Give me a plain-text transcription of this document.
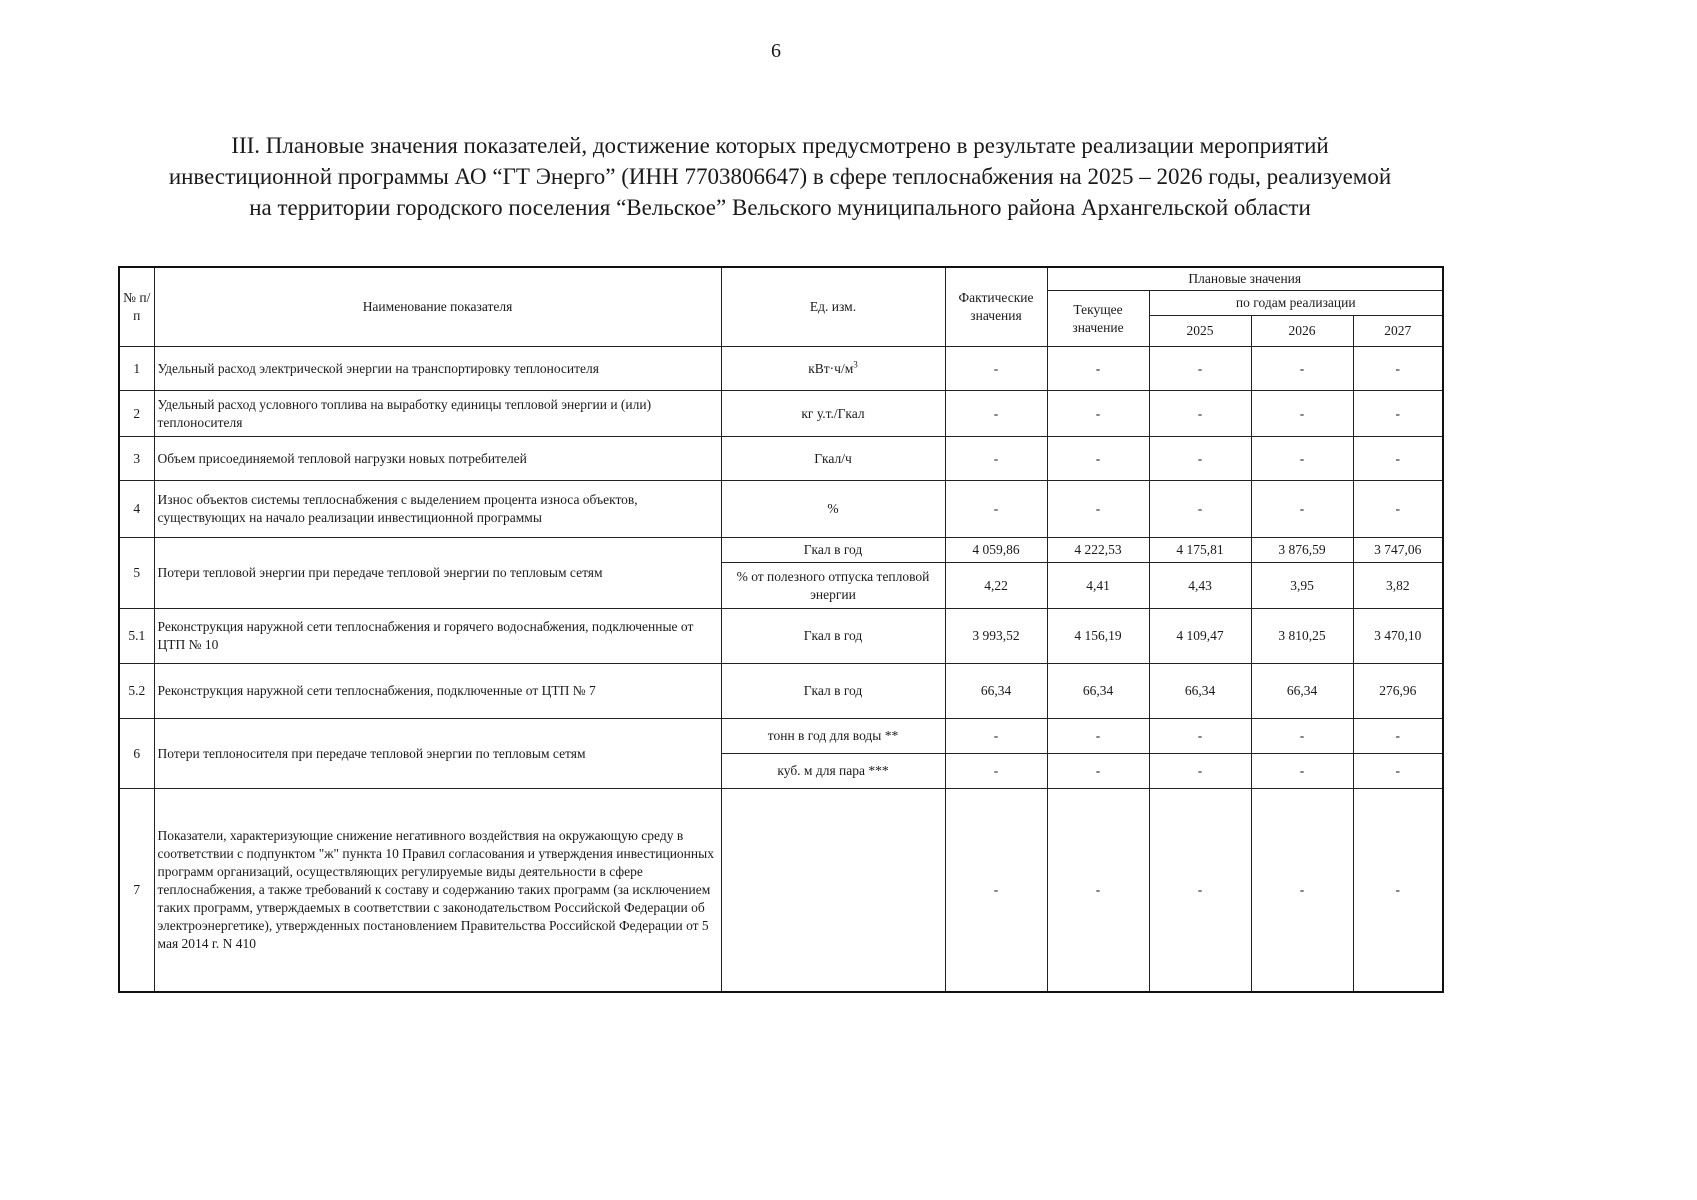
6
III. Плановые значения показателей, достижение которых предусмотрено в результате реализации мероприятий
инвестиционной программы АО “ГТ Энерго” (ИНН 7703806647) в сфере теплоснабжения на 2025 – 2026 годы, реализуемой
на территории городского поселения “Вельское” Вельского муниципального района Архангельской области
№ п/п	Наименование показателя	Ед. изм.	Фактические значения	Плановые значения			
				Текущее значение	по годам реализации		
					2025	2026	2027
1	Удельный расход электрической энергии на транспортировку теплоносителя	$кВт\cdot ч/м^3$	-	-	-	-	-
2	Удельный расход условного топлива на выработку единицы тепловой энергии и (или) теплоносителя	кг у.т./Гкал	-	-	-	-	-
3	Объем присоединяемой тепловой нагрузки новых потребителей	Гкал/ч	-	-	-	-	-
4	Износ объектов системы теплоснабжения с выделением процента износа объектов, существующих на начало реализации инвестиционной программы	%	-	-	-	-	-
5	Потери тепловой энергии при передаче тепловой энергии по тепловым сетям	Гкал в год	4 059,86	4 222,53	4 175,81	3 876,59	3 747,06
		% от полезного отпуска тепловой энергии	4,22	4,41	4,43	3,95	3,82
5.1	Реконструкция наружной сети теплоснабжения и горячего водоснабжения, подключенные от ЦТП № 10	Гкал в год	3 993,52	4 156,19	4 109,47	3 810,25	3 470,10
5.2	Реконструкция наружной сети теплоснабжения, подключенные от ЦТП № 7	Гкал в год	66,34	66,34	66,34	66,34	276,96
6	Потери теплоносителя при передаче тепловой энергии по тепловым сетям	тонн в год для воды **	-	-	-	-	-
		куб. м для пара ***	-	-	-	-	-
7	Показатели, характеризующие снижение негативного воздействия на окружающую среду в соответствии с подпунктом "ж" пункта 10 Правил согласования и утверждения инвестиционных программ организаций, осуществляющих регулируемые виды деятельности в сфере теплоснабжения, а также требований к составу и содержанию таких программ (за исключением таких программ, утверждаемых в соответствии с законодательством Российской Федерации об электроэнергетике), утвержденных постановлением Правительства Российской Федерации от 5 мая 2014 г. N 410		-	-	-	-	-
